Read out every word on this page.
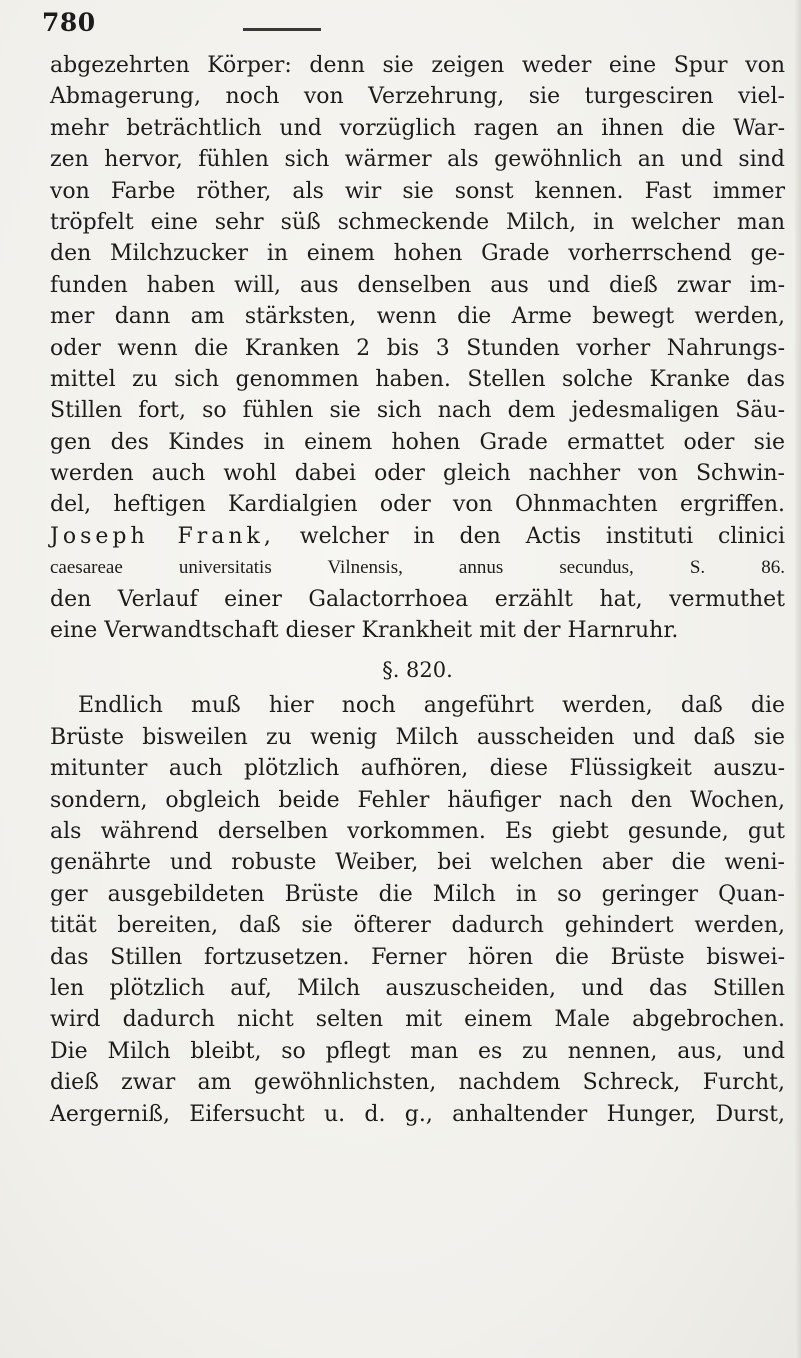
780
abgezehrten Körper: denn sie zeigen weder eine Spur von
Abmagerung, noch von Verzehrung, sie turgesciren viel-
mehr beträchtlich und vorzüglich ragen an ihnen die War-
zen hervor, fühlen sich wärmer als gewöhnlich an und sind
von Farbe röther, als wir sie sonst kennen. Fast immer
tröpfelt eine sehr süß schmeckende Milch, in welcher man
den Milchzucker in einem hohen Grade vorherrschend ge-
funden haben will, aus denselben aus und dieß zwar im-
mer dann am stärksten, wenn die Arme bewegt werden,
oder wenn die Kranken 2 bis 3 Stunden vorher Nahrungs-
mittel zu sich genommen haben. Stellen solche Kranke das
Stillen fort, so fühlen sie sich nach dem jedesmaligen Säu-
gen des Kindes in einem hohen Grade ermattet oder sie
werden auch wohl dabei oder gleich nachher von Schwin-
del, heftigen Kardialgien oder von Ohnmachten ergriffen.
Joseph Frank, welcher in den Actis instituti clinici
caesareae universitatis Vilnensis, annus secundus, S. 86.
den Verlauf einer Galactorrhoea erzählt hat, vermuthet
eine Verwandtschaft dieser Krankheit mit der Harnruhr.
§. 820.
Endlich muß hier noch angeführt werden, daß die
Brüste bisweilen zu wenig Milch ausscheiden und daß sie
mitunter auch plötzlich aufhören, diese Flüssigkeit auszu-
sondern, obgleich beide Fehler häufiger nach den Wochen,
als während derselben vorkommen. Es giebt gesunde, gut
genährte und robuste Weiber, bei welchen aber die weni-
ger ausgebildeten Brüste die Milch in so geringer Quan-
tität bereiten, daß sie öfterer dadurch gehindert werden,
das Stillen fortzusetzen. Ferner hören die Brüste biswei-
len plötzlich auf, Milch auszuscheiden, und das Stillen
wird dadurch nicht selten mit einem Male abgebrochen.
Die Milch bleibt, so pflegt man es zu nennen, aus, und
dieß zwar am gewöhnlichsten, nachdem Schreck, Furcht,
Aergerniß, Eifersucht u. d. g., anhaltender Hunger, Durst,
